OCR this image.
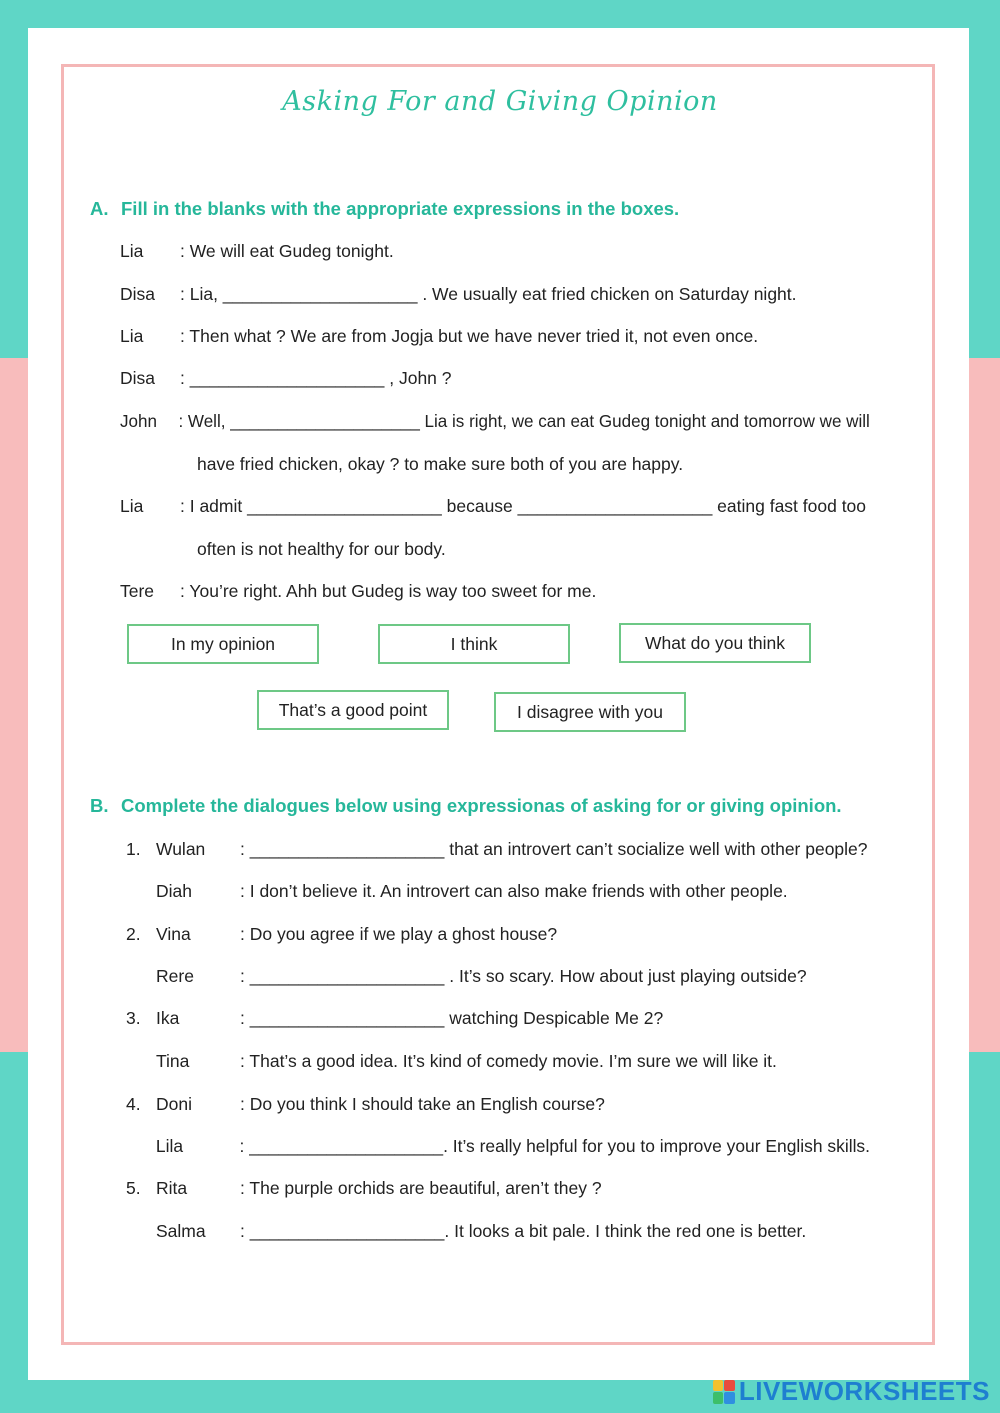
Asking For and Giving Opinion
A. Fill in the blanks with the appropriate expressions in the boxes.
Lia : We will eat Gudeg tonight.
Disa : Lia, ____________________ . We usually eat fried chicken on Saturday night.
Lia : Then what ? We are from Jogja but we have never tried it, not even once.
Disa : ____________________ , John ?
John : Well, ____________________ Lia is right, we can eat Gudeg tonight and tomorrow we will
have fried chicken, okay ? to make sure both of you are happy.
Lia : I admit ____________________ because ____________________ eating fast food too
often is not healthy for our body.
Tere : You’re right. Ahh but Gudeg is way too sweet for me.
In my opinion	I think	What do you think
That’s a good point	I disagree with you
B. Complete the dialogues below using expressionas of asking for or giving opinion.
1. Wulan : ____________________ that an introvert can’t socialize well with other people?
Diah	: I don’t believe it. An introvert can also make friends with other people.
2. Vina	: Do you agree if we play a ghost house?
Rere	: ____________________ . It’s so scary. How about just playing outside?
3. Ika	: ____________________ watching Despicable Me 2?
Tina	: That’s a good idea. It’s kind of comedy movie. I’m sure we will like it.
4. Doni	: Do you think I should take an English course?
Lila	: ____________________. It’s really helpful for you to improve your English skills.
5. Rita	: The purple orchids are beautiful, aren’t they ?
Salma : ____________________. It looks a bit pale. I think the red one is better.
LIVEWORKSHEETS
